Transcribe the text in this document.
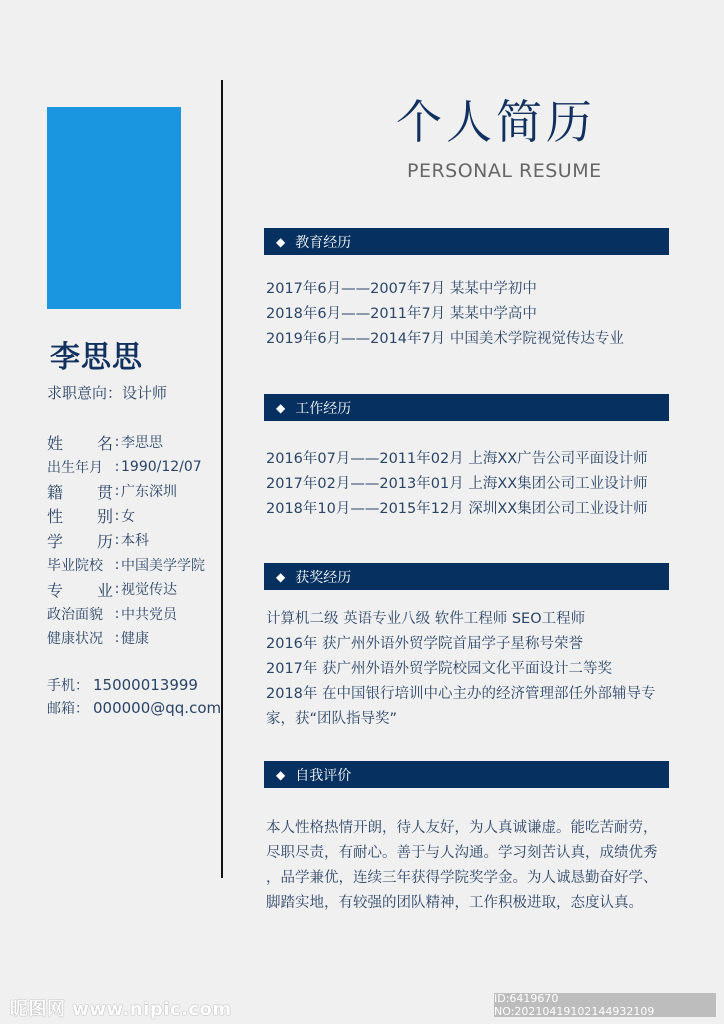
李思思
求职意向：设计师
姓 名 : 李思思
出生年月 : 1990/12/07
籍 贯 : 广东深圳
性 别 : 女
学 历 : 本科
毕业院校 : 中国美学学院
专 业 : 视觉传达
政治面貌 : 中共党员
健康状况 : 健康
手机： 15000013999
邮箱： 000000@qq.com
个人简历
PERSONAL RESUME
◆ 教育经历
2017年6月——2007年7月 某某中学初中
2018年6月——2011年7月 某某中学高中
2019年6月——2014年7月 中国美术学院视觉传达专业
◆ 工作经历
2016年07月——2011年02月 上海XX广告公司平面设计师
2017年02月——2013年01月 上海XX集团公司工业设计师
2018年10月——2015年12月 深圳XX集团公司工业设计师
◆ 获奖经历
计算机二级 英语专业八级 软件工程师 SEO工程师
2016年 获广州外语外贸学院首届学子星称号荣誉
2017年 获广州外语外贸学院校园文化平面设计二等奖
2018年 在中国银行培训中心主办的经济管理部任外部辅导专
家，获“团队指导奖”
◆ 自我评价
本人性格热情开朗，待人友好，为人真诚谦虚。能吃苦耐劳，
尽职尽责，有耐心。善于与人沟通。学习刻苦认真，成绩优秀
，品学兼优，连续三年获得学院奖学金。为人诚恳勤奋好学、
脚踏实地，有较强的团队精神，工作积极进取，态度认真。
昵图网 www.nipic.com
ID:6419670 NO:20210419102144932109
